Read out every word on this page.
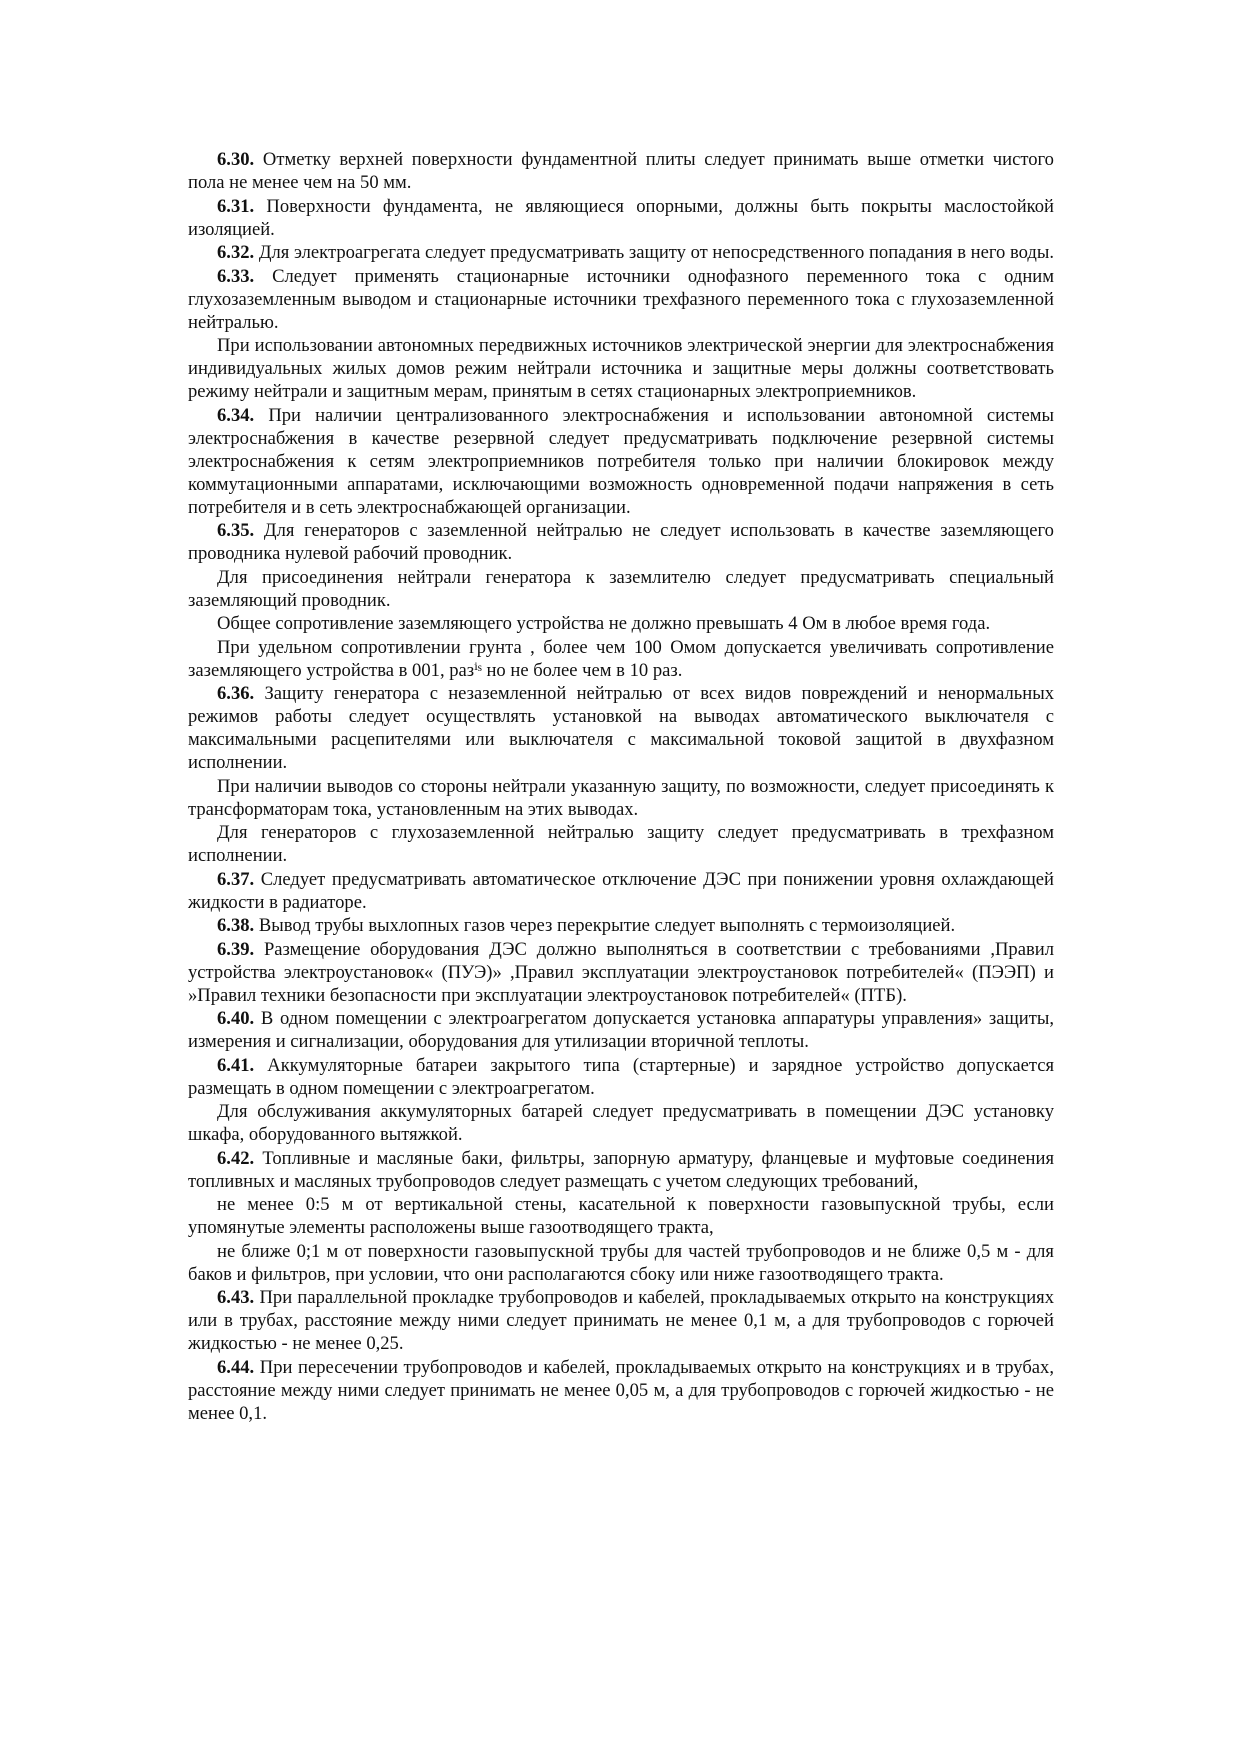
6.30. Отметку верхней поверхности фундаментной плиты следует принимать выше отметки чистого пола не менее чем на 50 мм.

6.31. Поверхности фундамента, не являющиеся опорными, должны быть покрыты маслостойкой изоляцией.

6.32. Для электроагрегата следует предусматривать защиту от непосредственного попадания в него воды.

6.33. Следует применять стационарные источники однофазного переменного тока с одним глухозаземленным выводом и стационарные источники трехфазного переменного тока с глухозаземленной нейтралью.

При использовании автономных передвижных источников электрической энергии для электроснабжения индивидуальных жилых домов режим нейтрали источника и защитные меры должны соответствовать режиму нейтрали и защитным мерам, принятым в сетях стационарных электроприемников.

6.34. При наличии централизованного электроснабжения и использовании автономной системы электроснабжения в качестве резервной следует предусматривать подключение резервной системы электроснабжения к сетям электроприемников потребителя только при наличии блокировок между коммутационными аппаратами, исключающими возможность одновременной подачи напряжения в сеть потребителя и в сеть электроснабжающей организации.

6.35. Для генераторов с заземленной нейтралью не следует использовать в качестве заземляющего проводника нулевой рабочий проводник.

Для присоединения нейтрали генератора к заземлителю следует предусматривать специальный заземляющий проводник.

Общее сопротивление заземляющего устройства не должно превышать 4 Ом в любое время года.

При удельном сопротивлении грунта , более чем 100 Ом͏ом допускается увеличивать сопротивление заземляющего устройства в 0͏01, раз͏ⁱ͏ˢ но не более чем в 10 раз.

6.36. Защиту генератора с незаземленной нейтралью от всех видов повреждений и ненормальных режимов работы следует осуществлять установкой на выводах автоматического выключателя с максимальными расцепителями или выключателя с максимальной токовой защитой в двухфазном исполнении.

При наличии выводов со стороны нейтрали указанную защиту, по возможности, следует присоединять к трансформаторам тока, установленным на этих выводах.

Для генераторов с глухозаземленной нейтралью защиту следует предусматривать в трехфазном исполнении.

6.37. Следует предусматривать автоматическое отключение ДЭС при понижении уровня охлаждающей жидкости в радиаторе.

6.38. Вывод трубы выхлопных газов через перекрытие следует выполнять с термоизоляцией.

6.39. Размещение оборудования ДЭС должно выполняться в соответствии с требованиями ,Правил устройства электроустановок« (ПУЭ)» ,Правил эксплуатации электроустановок потребителей« (ПЭЭП) и »Правил техники безопасности при эксплуатации электроустановок потребителей« (ПТБ).

6.40. В одном помещении с электроагрегатом допускается установка аппаратуры управления» защиты, измерения и сигнализации, оборудования для утилизации вторичной теплоты.

6.41. Аккумуляторные батареи закрытого типа (стартерные) и зарядное устройство допускается размещать в одном помещении с электроагрегатом.

Для обслуживания аккумуляторных батарей следует предусматривать в помещении ДЭС установку шкафа, оборудованного вытяжкой.

6.42. Топливные и масляные баки, фильтры, запорную арматуру, фланцевые и муфтовые соединения топливных и масляных трубопроводов следует размещать с учетом следующих требований,

не менее 0:5 м от вертикальной стены, касательной к поверхности газовыпускной трубы, если упомянутые элементы расположены выше газоотводящего тракта,

не ближе 0;1 м от поверхности газовыпускной трубы для частей трубопроводов и не ближе 0,5 м - для баков и фильтров, при условии, что они располагаются сбоку или ниже газоотводящего тракта.

6.43. При параллельной прокладке трубопроводов и кабелей, прокладываемых открыто на конструкциях или в трубах, расстояние между ними следует принимать не менее 0,1 м, а для трубопроводов с горючей жидкостью - не менее 0,25.

6.44. При пересечении трубопроводов и кабелей, прокладываемых открыто на конструкциях и в трубах, расстояние между ними следует принимать не менее 0,05 м, а для трубопроводов с горючей жидкостью - не менее 0,1.
